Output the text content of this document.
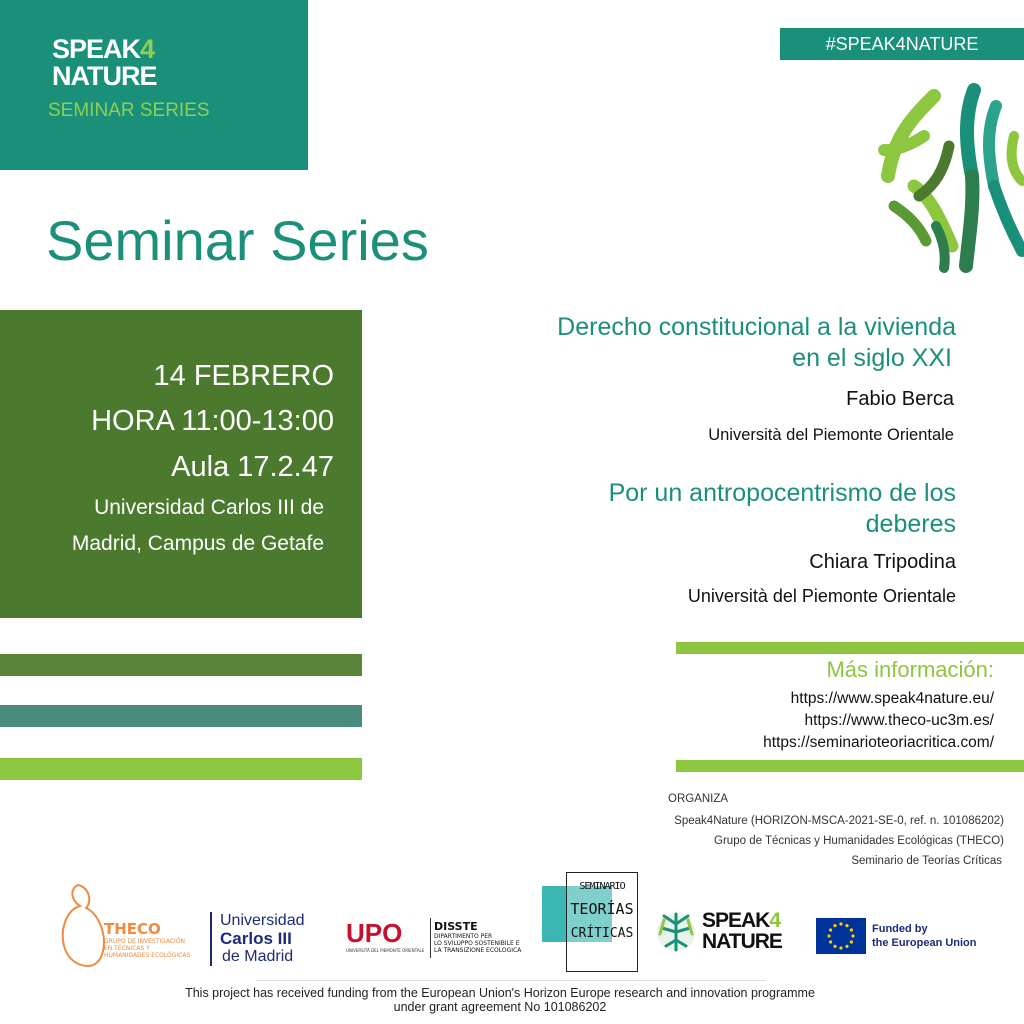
SPEAK4
NATURE
SEMINAR SERIES
#SPEAK4NATURE
Seminar Series
14 FEBRERO
HORA 11:00-13:00
Aula 17.2.47
Universidad Carlos III de
Madrid, Campus de Getafe
Derecho constitucional a la vivienda
en el siglo XXI
Fabio Berca
Università del Piemonte Orientale
Por un antropocentrismo de los
deberes
Chiara Tripodina
Università del Piemonte Orientale
Más información:
https://www.speak4nature.eu/
https://www.theco-uc3m.es/
https://seminarioteoriacritica.com/
ORGANIZA
Speak4Nature (HORIZON-MSCA-2021-SE-0, ref. n. 101086202)
Grupo de Técnicas y Humanidades Ecológicas (THECO)
Seminario de Teorías Críticas
THECO
GRUPO DE INVESTIGACIÓN
EN TÉCNICAS Y
HUMANIDADES ECOLÓGICAS
Universidad
Carlos III
de Madrid
UPO
UNIVERSITÀ DEL PIEMONTE ORIENTALE
DISSTE
DIPARTIMENTO PER
LO SVILUPPO SOSTENIBILE E
LA TRANSIZIONE ECOLOGICA
SEMINARIO
TEORÍAS
CRÍTICAS
SPEAK4
NATURE
Funded by
the European Union
This project has received funding from the European Union's Horizon Europe research and innovation programme
under grant agreement No 101086202
